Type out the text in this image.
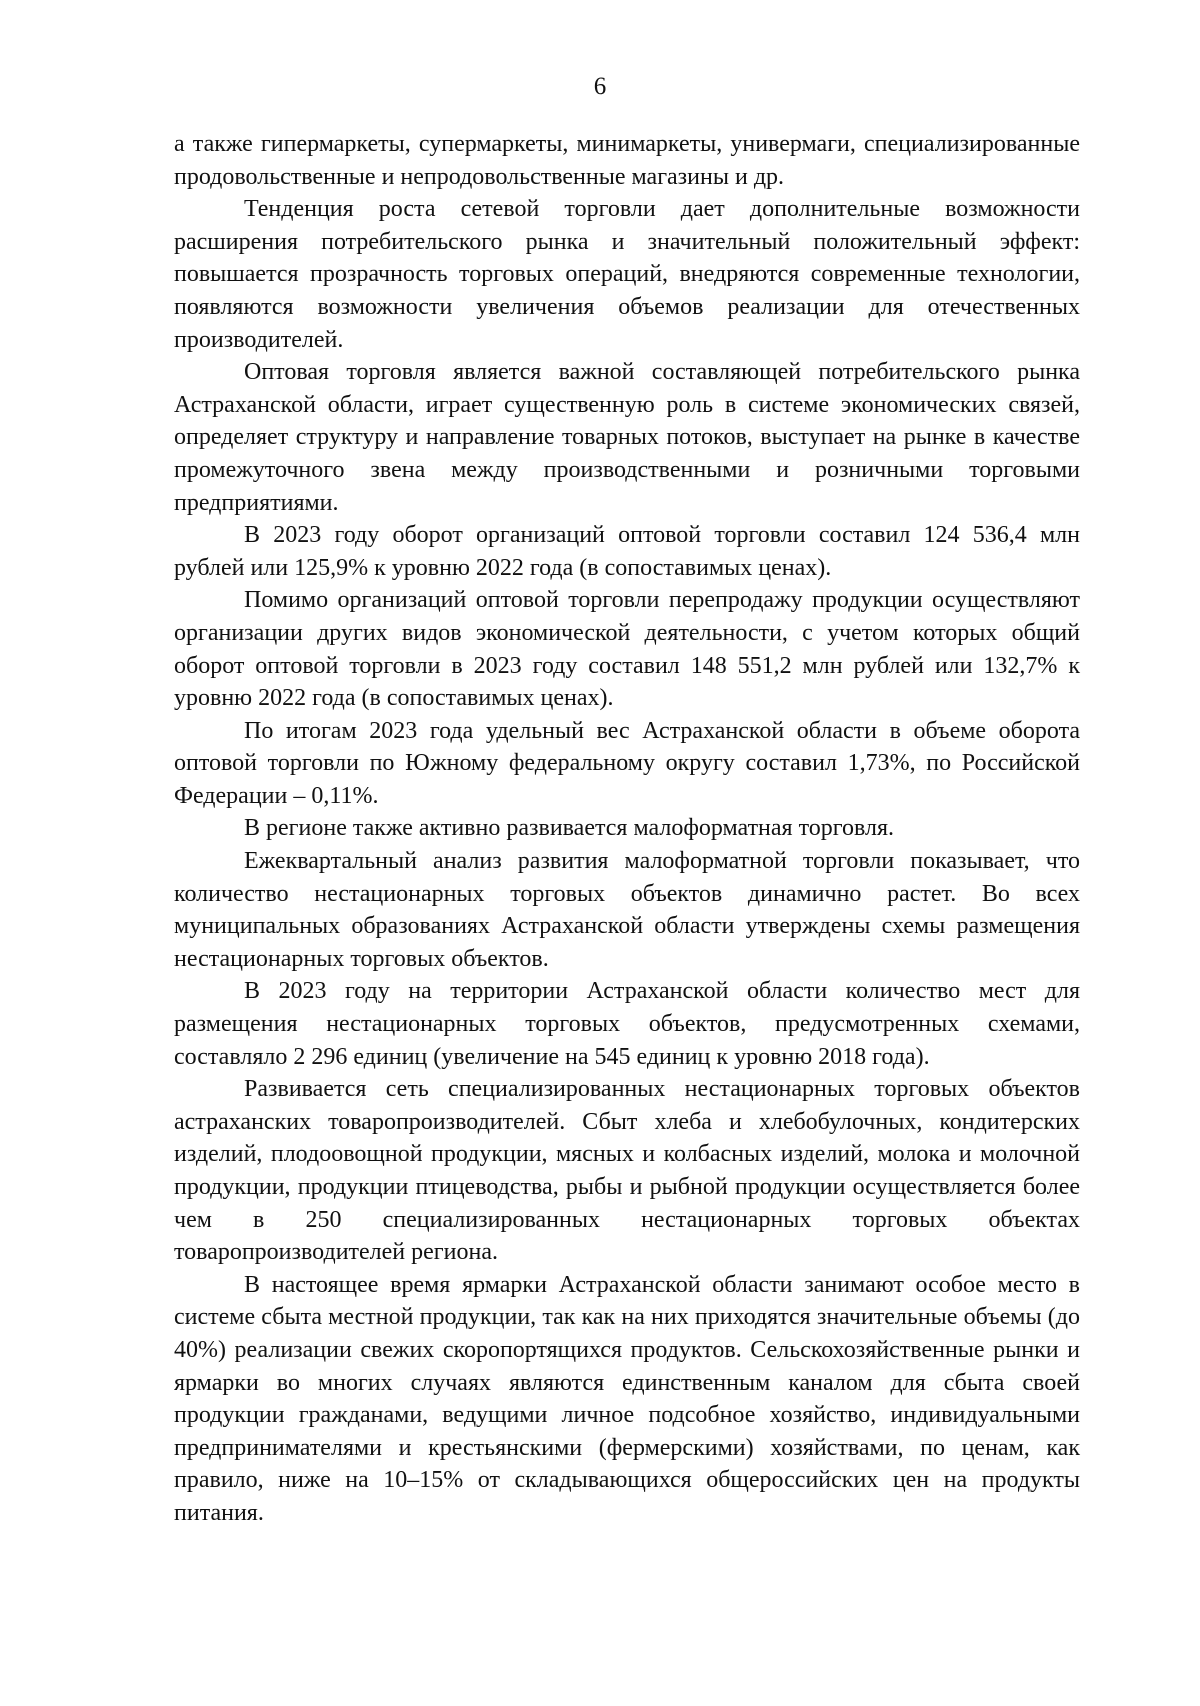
6

а также гипермаркеты, супермаркеты, минимаркеты, универмаги, специализированные продовольственные и непродовольственные магазины и др.

Тенденция роста сетевой торговли дает дополнительные возможности расширения потребительского рынка и значительный положительный эффект: повышается прозрачность торговых операций, внедряются современные технологии, появляются возможности увеличения объемов реализации для отечественных производителей.

Оптовая торговля является важной составляющей потребительского рынка Астраханской области, играет существенную роль в системе экономических связей, определяет структуру и направление товарных потоков, выступает на рынке в качестве промежуточного звена между производственными и розничными торговыми предприятиями.

В 2023 году оборот организаций оптовой торговли составил 124 536,4 млн рублей или 125,9% к уровню 2022 года (в сопоставимых ценах).

Помимо организаций оптовой торговли перепродажу продукции осуществляют организации других видов экономической деятельности, с учетом которых общий оборот оптовой торговли в 2023 году составил 148 551,2 млн рублей или 132,7% к уровню 2022 года (в сопоставимых ценах).

По итогам 2023 года удельный вес Астраханской области в объеме оборота оптовой торговли по Южному федеральному округу составил 1,73%, по Российской Федерации – 0,11%.

В регионе также активно развивается малоформатная торговля.

Ежеквартальный анализ развития малоформатной торговли показывает, что количество нестационарных торговых объектов динамично растет. Во всех муниципальных образованиях Астраханской области утверждены схемы размещения нестационарных торговых объектов.

В 2023 году на территории Астраханской области количество мест для размещения нестационарных торговых объектов, предусмотренных схемами, составляло 2 296 единиц (увеличение на 545 единиц к уровню 2018 года).

Развивается сеть специализированных нестационарных торговых объектов астраханских товаропроизводителей. Сбыт хлеба и хлебобулочных, кондитерских изделий, плодоовощной продукции, мясных и колбасных изделий, молока и молочной продукции, продукции птицеводства, рыбы и рыбной продукции осуществляется более чем в 250 специализированных нестационарных торговых объектах товаропроизводителей региона.

В настоящее время ярмарки Астраханской области занимают особое место в системе сбыта местной продукции, так как на них приходятся значительные объемы (до 40%) реализации свежих скоропортящихся продуктов. Сельскохозяйственные рынки и ярмарки во многих случаях являются единственным каналом для сбыта своей продукции гражданами, ведущими личное подсобное хозяйство, индивидуальными предпринимателями и крестьянскими (фермерскими) хозяйствами, по ценам, как правило, ниже на 10–15% от складывающихся общероссийских цен на продукты питания.
